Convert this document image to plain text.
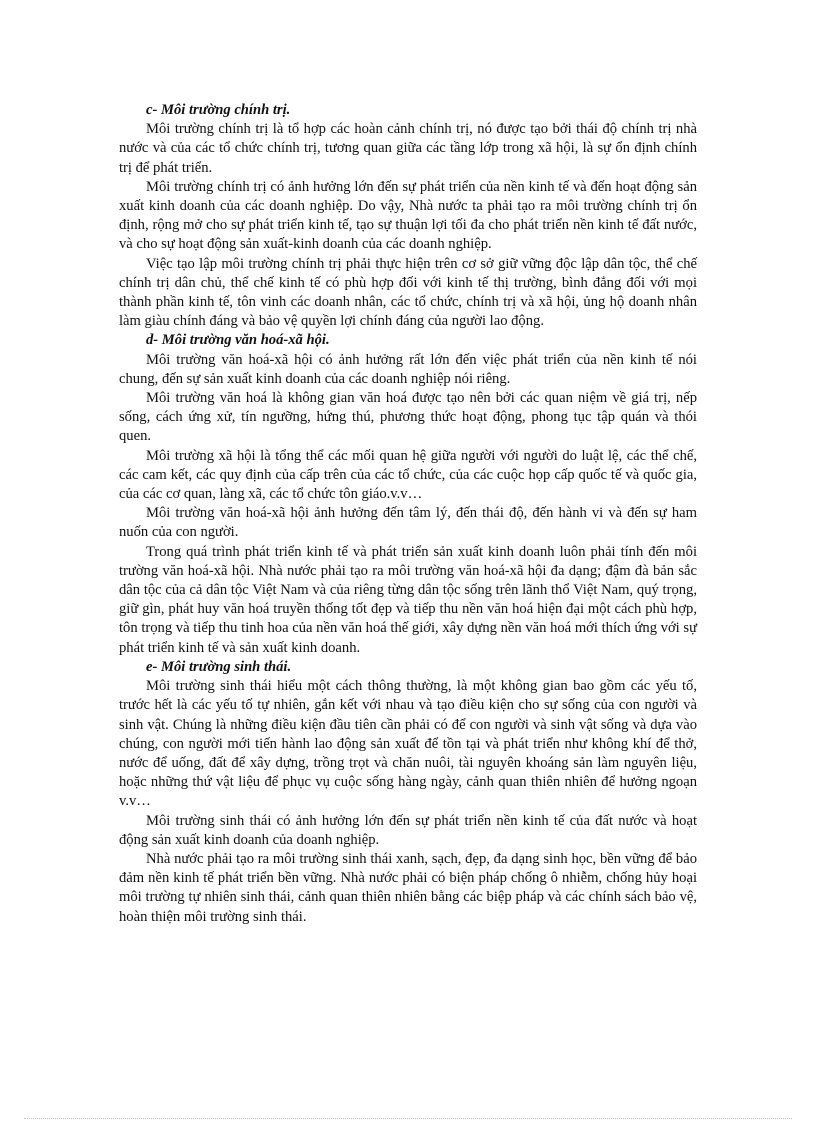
c- Môi trường chính trị.

Môi trường chính trị là tổ hợp các hoàn cảnh chính trị, nó được tạo bởi thái độ chính trị nhà nước và của các tổ chức chính trị, tương quan giữa các tầng lớp trong xã hội, là sự ổn định chính trị để phát triển.

Môi trường chính trị có ảnh hưởng lớn đến sự phát triển của nền kinh tế và đến hoạt động sản xuất kinh doanh của các doanh nghiệp. Do vậy, Nhà nước ta phải tạo ra môi trường chính trị ổn định, rộng mở cho sự phát triển kinh tế, tạo sự thuận lợi tối đa cho phát triển nền kinh tế đất nước, và cho sự hoạt động sản xuất-kinh doanh của các doanh nghiệp.

Việc tạo lập môi trường chính trị phải thực hiện trên cơ sở giữ vững độc lập dân tộc, thể chế chính trị dân chủ, thể chế kinh tế có phù hợp đối với kinh tế thị trường, bình đẳng đối với mọi thành phần kinh tế, tôn vinh các doanh nhân, các tổ chức, chính trị và xã hội, ủng hộ doanh nhân làm giàu chính đáng và bảo vệ quyền lợi chính đáng của người lao động.

d- Môi trường văn hoá-xã hội.

Môi trường văn hoá-xã hội có ảnh hưởng rất lớn đến việc phát triển của nền kinh tế nói chung, đến sự sản xuất kinh doanh của các doanh nghiệp nói riêng.

Môi trường văn hoá là không gian văn hoá được tạo nên bởi các quan niệm về giá trị, nếp sống, cách ứng xử, tín ngưỡng, hứng thú, phương thức hoạt động, phong tục tập quán và thói quen.

Môi trường xã hội là tổng thể các mối quan hệ giữa người với người do luật lệ, các thể chế, các cam kết, các quy định của cấp trên của các tổ chức, của các cuộc họp cấp quốc tế và quốc gia, của các cơ quan, làng xã, các tổ chức tôn giáo.v.v…

Môi trường văn hoá-xã hội ảnh hưởng đến tâm lý, đến thái độ, đến hành vi và đến sự ham nuốn của con người.

Trong quá trình phát triển kinh tế và phát triển sản xuất kinh doanh luôn phải tính đến môi trường văn hoá-xã hội. Nhà nước phải tạo ra môi trường văn hoá-xã hội đa dạng; đậm đà bản sắc dân tộc của cả dân tộc Việt Nam và của riêng từng dân tộc sống trên lãnh thổ Việt Nam, quý trọng, giữ gìn, phát huy văn hoá truyền thống tốt đẹp và tiếp thu nền văn hoá hiện đại một cách phù hợp, tôn trọng và tiếp thu tinh hoa của nền văn hoá thế giới, xây dựng nền văn hoá mới thích ứng với sự phát triển kinh tế và sản xuất kinh doanh.

e- Môi trường sinh thái.

Môi trường sinh thái hiểu một cách thông thường, là một không gian bao gồm các yếu tố, trước hết là các yếu tố tự nhiên, gắn kết với nhau và tạo điều kiện cho sự sống của con người và sinh vật. Chúng là những điều kiện đầu tiên cần phải có để con người và sinh vật sống và dựa vào chúng, con người mới tiến hành lao động sản xuất để tồn tại và phát triển như không khí để thở, nước để uống, đất để xây dựng, trồng trọt và chăn nuôi, tài nguyên khoáng sản làm nguyên liệu, hoặc những thứ vật liệu để phục vụ cuộc sống hàng ngày, cảnh quan thiên nhiên để hưởng ngoạn v.v…

Môi trường sinh thái có ảnh hưởng lớn đến sự phát triển nền kinh tế của đất nước và hoạt động sản xuất kinh doanh của doanh nghiệp.

Nhà nước phải tạo ra môi trường sinh thái xanh, sạch, đẹp, đa dạng sinh học, bền vững để bảo đảm nền kinh tế phát triển bền vững. Nhà nước phải có biện pháp chống ô nhiễm, chống hủy hoại môi trường tự nhiên sinh thái, cảnh quan thiên nhiên bằng các biệp pháp và các chính sách bảo vệ, hoàn thiện môi trường sinh thái.
